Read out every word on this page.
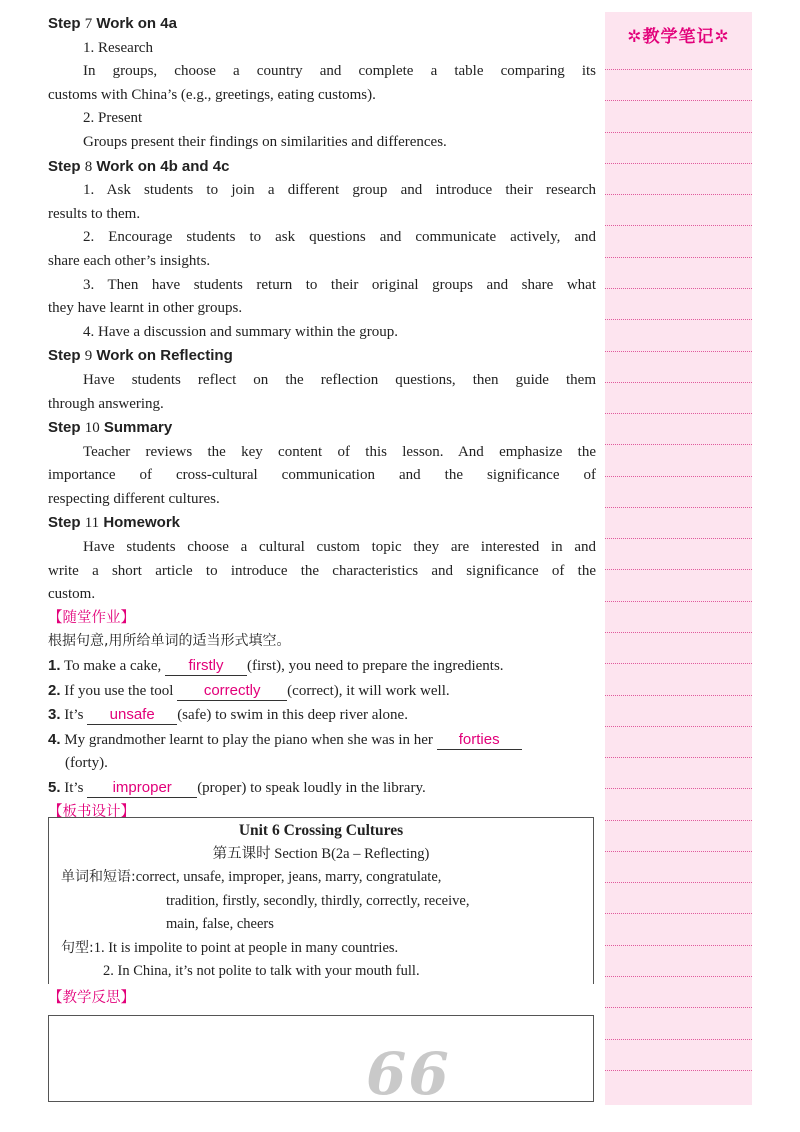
Step 7 Work on 4a
1. Research
In groups, choose a country and complete a table comparing its
customs with China’s (e.g., greetings, eating customs).
2. Present
Groups present their findings on similarities and differences.
Step 8 Work on 4b and 4c
1. Ask students to join a different group and introduce their research
results to them.
2. Encourage students to ask questions and communicate actively, and
share each other’s insights.
3. Then have students return to their original groups and share what
they have learnt in other groups.
4. Have a discussion and summary within the group.
Step 9 Work on Reflecting
Have students reflect on the reflection questions, then guide them
through answering.
Step 10 Summary
Teacher reviews the key content of this lesson. And emphasize the
importance of cross-cultural communication and the significance of
respecting different cultures.
Step 11 Homework
Have students choose a cultural custom topic they are interested in and
write a short article to introduce the characteristics and significance of the
custom.
【随堂作业】
根据句意,用所给单词的适当形式填空。
1. To make a cake, firstly (first), you need to prepare the ingredients.
2. If you use the tool correctly (correct), it will work well.
3. It’s unsafe (safe) to swim in this deep river alone.
4. My grandmother learnt to play the piano when she was in her forties
(forty).
5. It’s improper (proper) to speak loudly in the library.
【板书设计】
Unit 6 Crossing Cultures
第五课时 Section B(2a – Reflecting)
单词和短语:correct, unsafe, improper, jeans, marry, congratulate,
tradition, firstly, secondly, thirdly, correctly, receive,
main, false, cheers
句型:1. It is impolite to point at people in many countries.
2. In China, it’s not polite to talk with your mouth full.
【教学反思】
66
✲教学笔记✲
